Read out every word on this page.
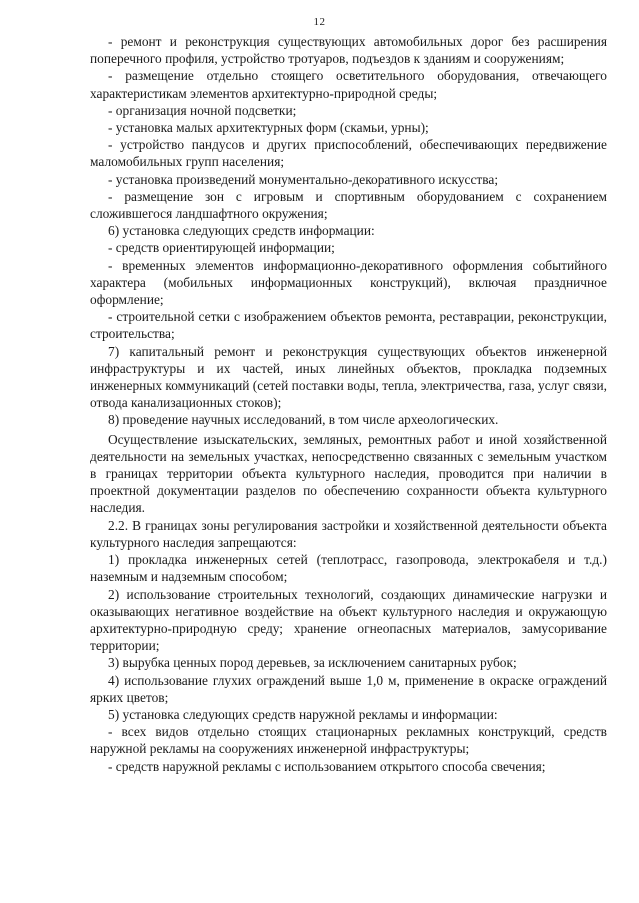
12

- ремонт и реконструкция существующих автомобильных дорог без расширения поперечного профиля, устройство тротуаров, подъездов к зданиям и сооружениям;

- размещение отдельно стоящего осветительного оборудования, отвечающего характеристикам элементов архитектурно-природной среды;

- организация ночной подсветки;

- установка малых архитектурных форм (скамьи, урны);

- устройство пандусов и других приспособлений, обеспечивающих передвижение маломобильных групп населения;

- установка произведений монументально-декоративного искусства;

- размещение зон с игровым и спортивным оборудованием с сохранением сложившегося ландшафтного окружения;

6) установка следующих средств информации:

- средств ориентирующей информации;

- временных элементов информационно-декоративного оформления событийного характера (мобильных информационных конструкций), включая праздничное оформление;

- строительной сетки с изображением объектов ремонта, реставрации, реконструкции, строительства;

7) капитальный ремонт и реконструкция существующих объектов инженерной инфраструктуры и их частей, иных линейных объектов, прокладка подземных инженерных коммуникаций (сетей поставки воды, тепла, электричества, газа, услуг связи, отвода канализационных стоков);

8) проведение научных исследований, в том числе археологических.

Осуществление изыскательских, земляных, ремонтных работ и иной хозяйственной деятельности на земельных участках, непосредственно связанных с земельным участком в границах территории объекта культурного наследия, проводится при наличии в проектной документации разделов по обеспечению сохранности объекта культурного наследия.

2.2. В границах зоны регулирования застройки и хозяйственной деятельности объекта культурного наследия запрещаются:

1) прокладка инженерных сетей (теплотрасс, газопровода, электрокабеля и т.д.) наземным и надземным способом;

2) использование строительных технологий, создающих динамические нагрузки и оказывающих негативное воздействие на объект культурного наследия и окружающую архитектурно-природную среду; хранение огнеопасных материалов, замусоривание территории;

3) вырубка ценных пород деревьев, за исключением санитарных рубок;

4) использование глухих ограждений выше 1,0 м, применение в окраске ограждений ярких цветов;

5) установка следующих средств наружной рекламы и информации:

- всех видов отдельно стоящих стационарных рекламных конструкций, средств наружной рекламы на сооружениях инженерной инфраструктуры;

- средств наружной рекламы с использованием открытого способа свечения;
